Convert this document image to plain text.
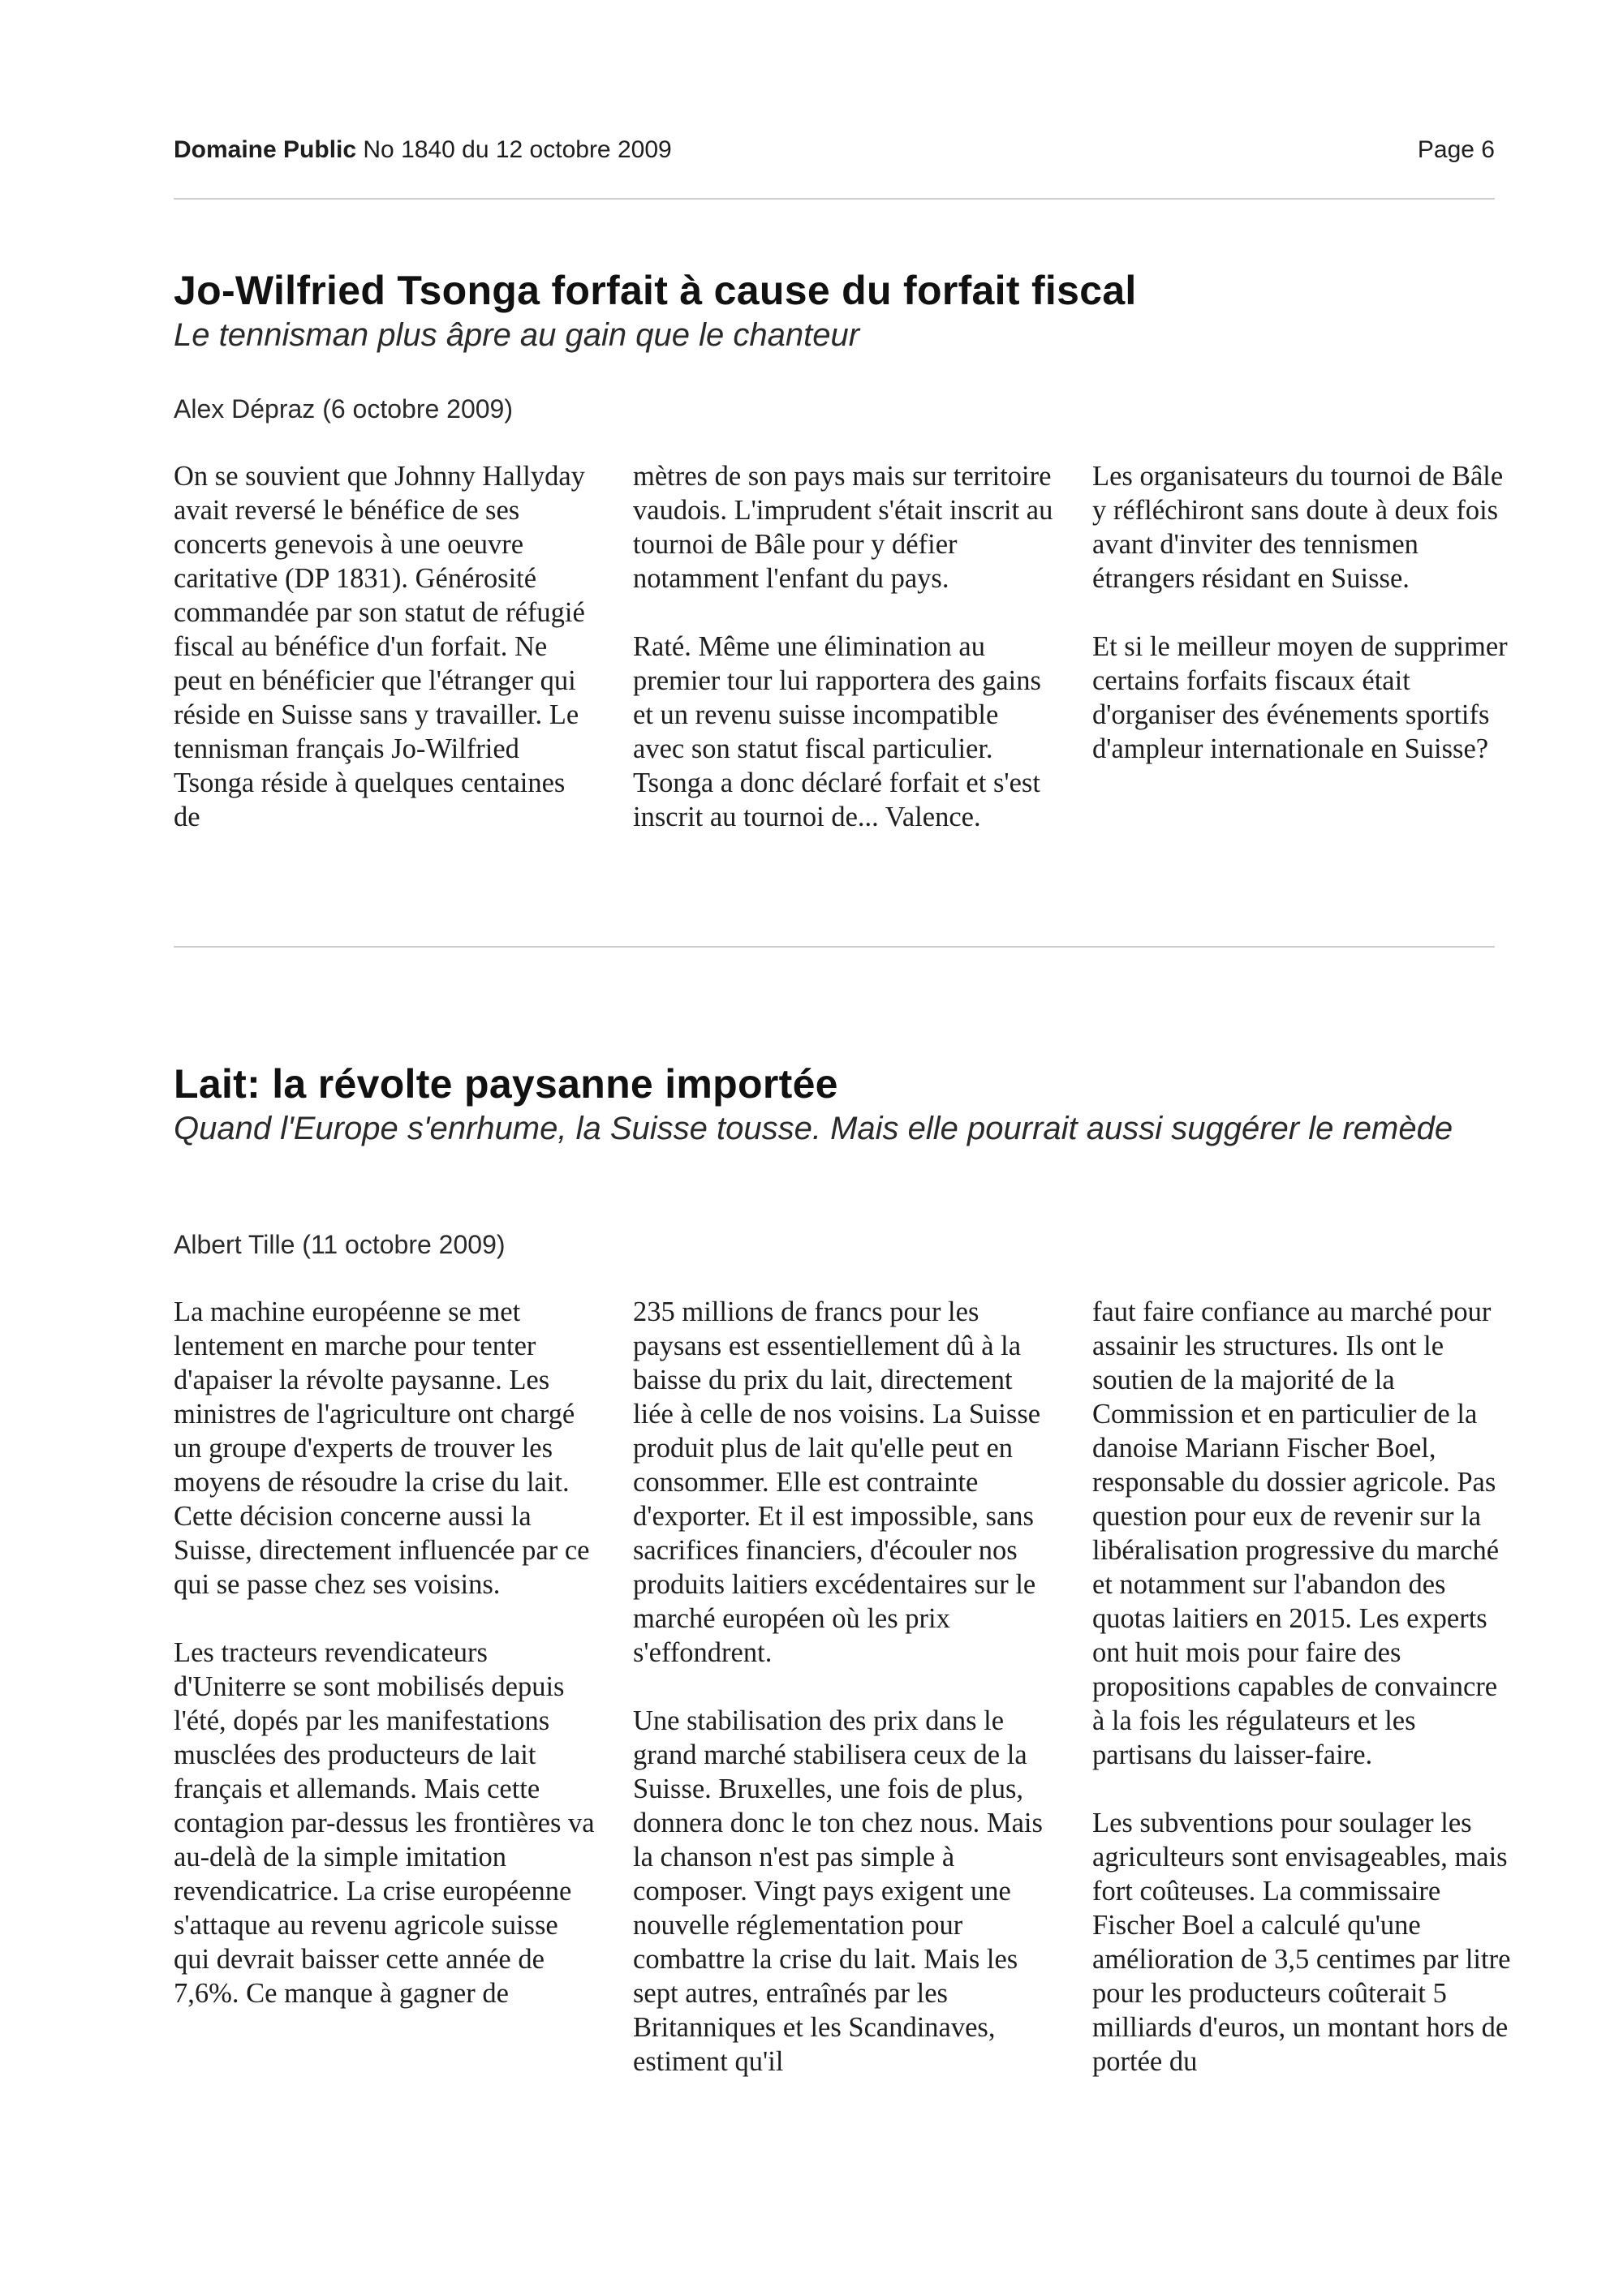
Domaine Public No 1840 du 12 octobre 2009	Page 6
Jo-Wilfried Tsonga forfait à cause du forfait fiscal

Le tennisman plus âpre au gain que le chanteur

Alex Dépraz (6 octobre 2009)

On se souvient que Johnny Hallyday avait reversé le bénéfice de ses concerts genevois à une oeuvre caritative (DP 1831). Générosité commandée par son statut de réfugié fiscal au bénéfice d'un forfait. Ne peut en bénéficier que l'étranger qui réside en Suisse sans y travailler. Le tennisman français Jo-Wilfried Tsonga réside à quelques centaines de

mètres de son pays mais sur territoire vaudois. L'imprudent s'était inscrit au tournoi de Bâle pour y défier notamment l'enfant du pays.

Raté. Même une élimination au premier tour lui rapportera des gains et un revenu suisse incompatible avec son statut fiscal particulier. Tsonga a donc déclaré forfait et s'est inscrit au tournoi de... Valence.

Les organisateurs du tournoi de Bâle y réfléchiront sans doute à deux fois avant d'inviter des tennismen étrangers résidant en Suisse.

Et si le meilleur moyen de supprimer certains forfaits fiscaux était d'organiser des événements sportifs d'ampleur internationale en Suisse?

Lait: la révolte paysanne importée

Quand l'Europe s'enrhume, la Suisse tousse. Mais elle pourrait aussi suggérer le remède

Albert Tille (11 octobre 2009)

La machine européenne se met lentement en marche pour tenter d'apaiser la révolte paysanne. Les ministres de l'agriculture ont chargé un groupe d'experts de trouver les moyens de résoudre la crise du lait. Cette décision concerne aussi la Suisse, directement influencée par ce qui se passe chez ses voisins.

Les tracteurs revendicateurs d'Uniterre se sont mobilisés depuis l'été, dopés par les manifestations musclées des producteurs de lait français et allemands. Mais cette contagion par-dessus les frontières va au-delà de la simple imitation revendicatrice. La crise européenne s'attaque au revenu agricole suisse qui devrait baisser cette année de 7,6%. Ce manque à gagner de

235 millions de francs pour les paysans est essentiellement dû à la baisse du prix du lait, directement liée à celle de nos voisins. La Suisse produit plus de lait qu'elle peut en consommer. Elle est contrainte d'exporter. Et il est impossible, sans sacrifices financiers, d'écouler nos produits laitiers excédentaires sur le marché européen où les prix s'effondrent.

Une stabilisation des prix dans le grand marché stabilisera ceux de la Suisse. Bruxelles, une fois de plus, donnera donc le ton chez nous. Mais la chanson n'est pas simple à composer. Vingt pays exigent une nouvelle réglementation pour combattre la crise du lait. Mais les sept autres, entraînés par les Britanniques et les Scandinaves, estiment qu'il

faut faire confiance au marché pour assainir les structures. Ils ont le soutien de la majorité de la Commission et en particulier de la danoise Mariann Fischer Boel, responsable du dossier agricole. Pas question pour eux de revenir sur la libéralisation progressive du marché et notamment sur l'abandon des quotas laitiers en 2015. Les experts ont huit mois pour faire des propositions capables de convaincre à la fois les régulateurs et les partisans du laisser-faire.

Les subventions pour soulager les agriculteurs sont envisageables, mais fort coûteuses. La commissaire Fischer Boel a calculé qu'une amélioration de 3,5 centimes par litre pour les producteurs coûterait 5 milliards d'euros, un montant hors de portée du
